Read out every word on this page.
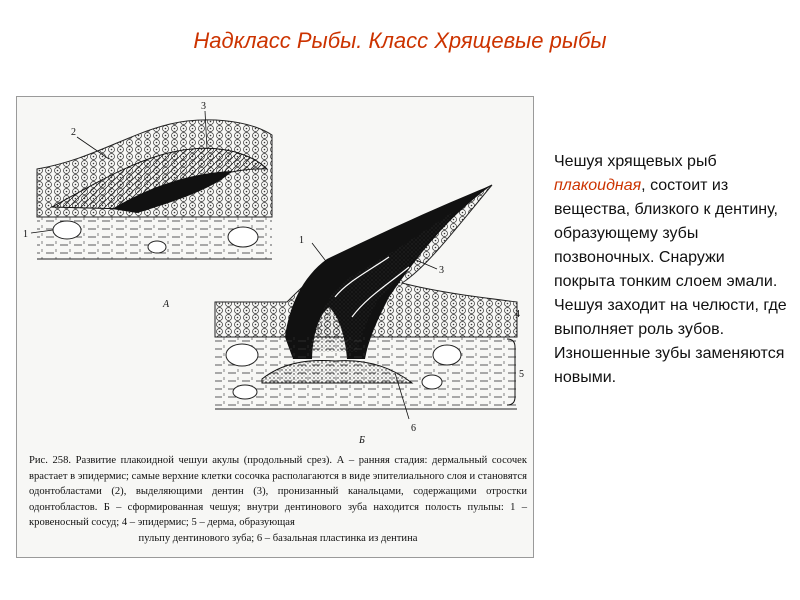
Надкласс Рыбы. Класс Хрящевые рыбы
1
2
3
A
1
3
4
5
6
Б

Рис. 258. Развитие плакоидной чешуи акулы (продольный срез). А – ранняя стадия: дермальный сосочек врастает в эпидермис; самые верхние клетки сосочка располагаются в виде эпителиального слоя и становятся одонтобластами (2), выделяющими дентин (3), пронизанный канальцами, содержащими отростки одонтобластов. Б – сформированная чешуя; внутри дентинового зуба находится полость пульпы: 1 – кровеносный сосуд; 4 – эпидермис; 5 – дерма, образующая

пульпу дентинового зуба; 6 – базальная пластинка из дентина

Чешуя хрящевых рыб плакоидная, состоит из вещества, близкого к дентину, образующему зубы позвоночных. Снаружи покрыта тонким слоем эмали. Чешуя заходит на челюсти, где выполняет роль зубов. Изношенные зубы заменяются новыми.
